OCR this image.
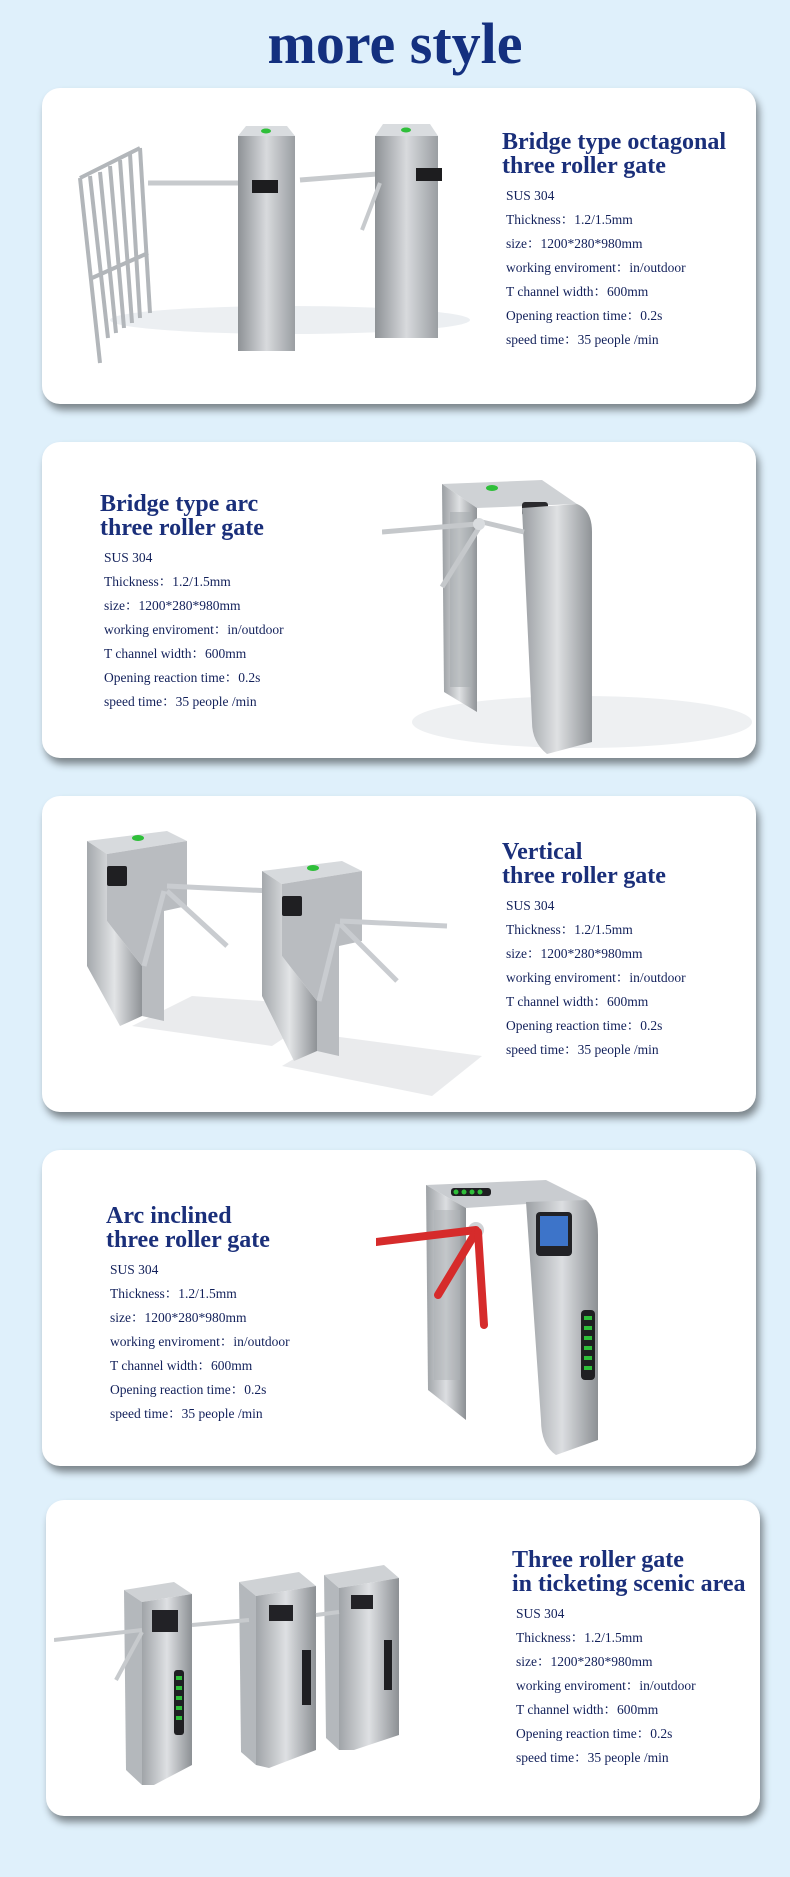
more style
Bridge type octagonal
three roller gate
SUS 304
Thickness：1.2/1.5mm
size：1200*280*980mm
working enviroment：in/outdoor
T channel width：600mm
Opening reaction time：0.2s
speed time：35 people /min
Bridge type arc
three roller gate
SUS 304
Thickness：1.2/1.5mm
size：1200*280*980mm
working enviroment：in/outdoor
T channel width：600mm
Opening reaction time：0.2s
speed time：35 people /min
Vertical
three roller gate
SUS 304
Thickness：1.2/1.5mm
size：1200*280*980mm
working enviroment：in/outdoor
T channel width：600mm
Opening reaction time：0.2s
speed time：35 people /min
Arc inclined
three roller gate
SUS 304
Thickness：1.2/1.5mm
size：1200*280*980mm
working enviroment：in/outdoor
T channel width：600mm
Opening reaction time：0.2s
speed time：35 people /min
Three roller gate
in ticketing scenic area
SUS 304
Thickness：1.2/1.5mm
size：1200*280*980mm
working enviroment：in/outdoor
T channel width：600mm
Opening reaction time：0.2s
speed time：35 people /min
